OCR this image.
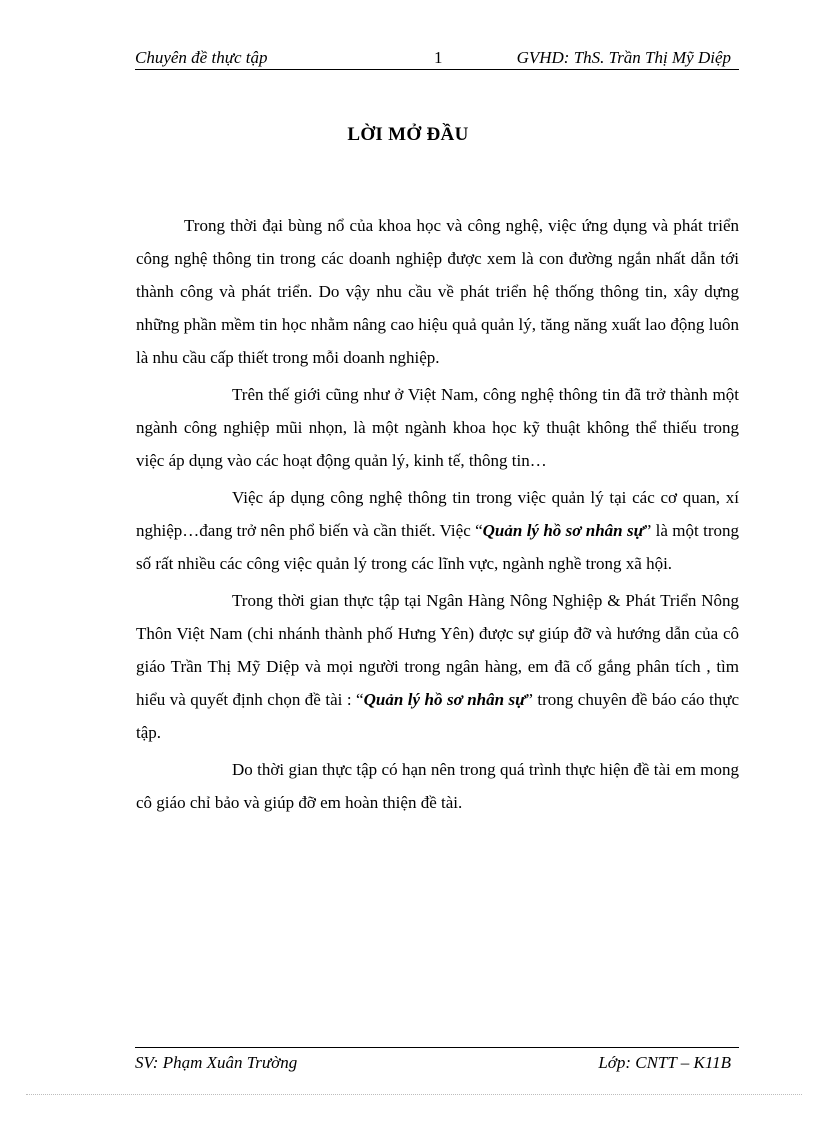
Chuyên đề thực tập	1	GVHD: ThS. Trần Thị Mỹ Diệp
LỜI MỞ ĐẦU

Trong thời đại bùng nổ của khoa học và công nghệ, việc ứng dụng và phát triển công nghệ thông tin trong các doanh nghiệp được xem là con đường ngắn nhất dẫn tới thành công và phát triển. Do vậy nhu cầu về phát triển hệ thống thông tin, xây dựng những phần mềm tin học nhằm nâng cao hiệu quả quản lý, tăng năng xuất lao động luôn là nhu cầu cấp thiết trong mỗi doanh nghiệp.

Trên thế giới cũng như ở Việt Nam, công nghệ thông tin đã trở thành một ngành công nghiệp mũi nhọn, là một ngành khoa học kỹ thuật không thể thiếu trong việc áp dụng vào các hoạt động quản lý, kinh tế, thông tin…

Việc áp dụng công nghệ thông tin trong việc quản lý tại các cơ quan, xí nghiệp…đang trở nên phổ biến và cần thiết. Việc “Quản lý hồ sơ nhân sự” là một trong số rất nhiều các công việc quản lý trong các lĩnh vực, ngành nghề trong xã hội.

Trong thời gian thực tập tại Ngân Hàng Nông Nghiệp & Phát Triển Nông Thôn Việt Nam (chi nhánh thành phố Hưng Yên) được sự giúp đỡ và hướng dẫn của cô giáo Trần Thị Mỹ Diệp và mọi người trong ngân hàng, em đã cố gắng phân tích , tìm hiểu và quyết định chọn đề tài : “Quản lý hồ sơ nhân sự” trong chuyên đề báo cáo thực tập.

Do thời gian thực tập có hạn nên trong quá trình thực hiện đề tài em mong cô giáo chỉ bảo và giúp đỡ em hoàn thiện đề tài.

SV: Phạm Xuân Trường	Lớp: CNTT – K11B
